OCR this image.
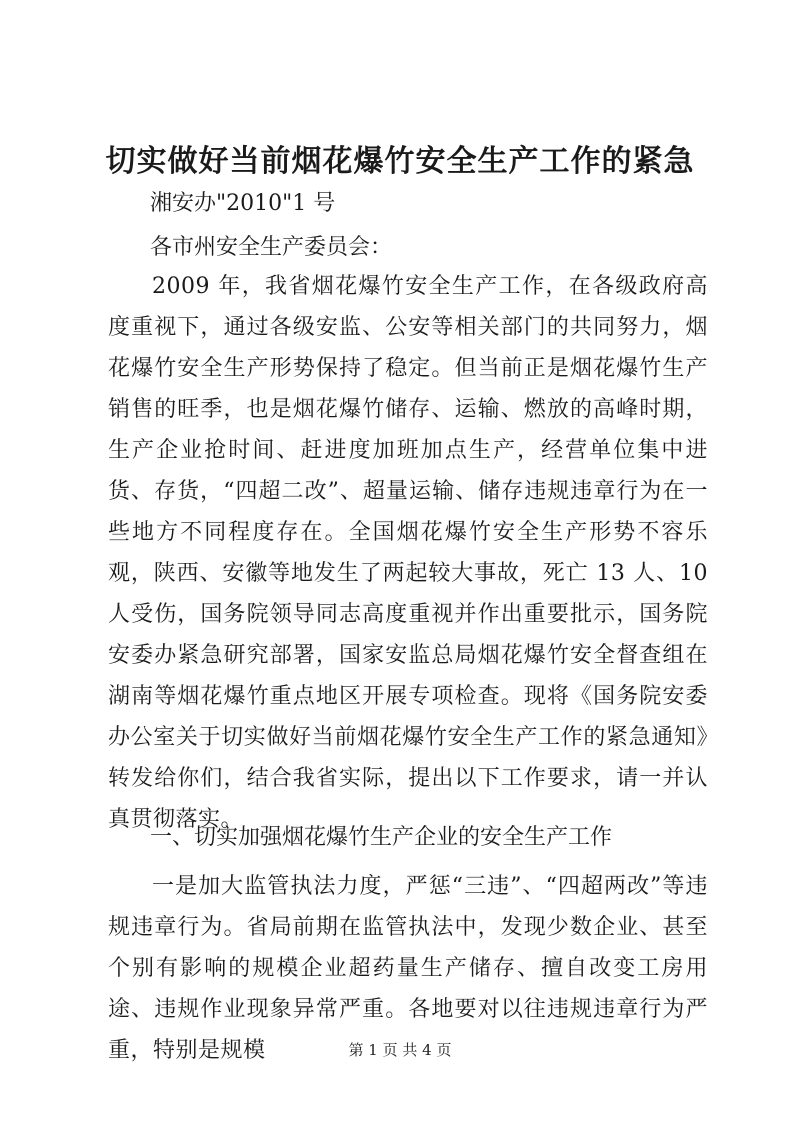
切实做好当前烟花爆竹安全生产工作的紧急
湘安办"2010"1 号
各市州安全生产委员会：

2009 年，我省烟花爆竹安全生产工作，在各级政府高度重视下，通过各级安监、公安等相关部门的共同努力，烟花爆竹安全生产形势保持了稳定。但当前正是烟花爆竹生产销售的旺季，也是烟花爆竹储存、运输、燃放的高峰时期，生产企业抢时间、赶进度加班加点生产，经营单位集中进货、存货，“四超二改”、超量运输、储存违规违章行为在一些地方不同程度存在。全国烟花爆竹安全生产形势不容乐观，陕西、安徽等地发生了两起较大事故，死亡 13 人、10 人受伤，国务院领导同志高度重视并作出重要批示，国务院安委办紧急研究部署，国家安监总局烟花爆竹安全督查组在湖南等烟花爆竹重点地区开展专项检查。现将《国务院安委办公室关于切实做好当前烟花爆竹安全生产工作的紧急通知》转发给你们，结合我省实际，提出以下工作要求，请一并认真贯彻落实。

一、切实加强烟花爆竹生产企业的安全生产工作

一是加大监管执法力度，严惩“三违”、“四超两改”等违规违章行为。省局前期在监管执法中，发现少数企业、甚至个别有影响的规模企业超药量生产储存、擅自改变工房用途、违规作业现象异常严重。各地要对以往违规违章行为严重，特别是规模	第 1 页 共 4 页
